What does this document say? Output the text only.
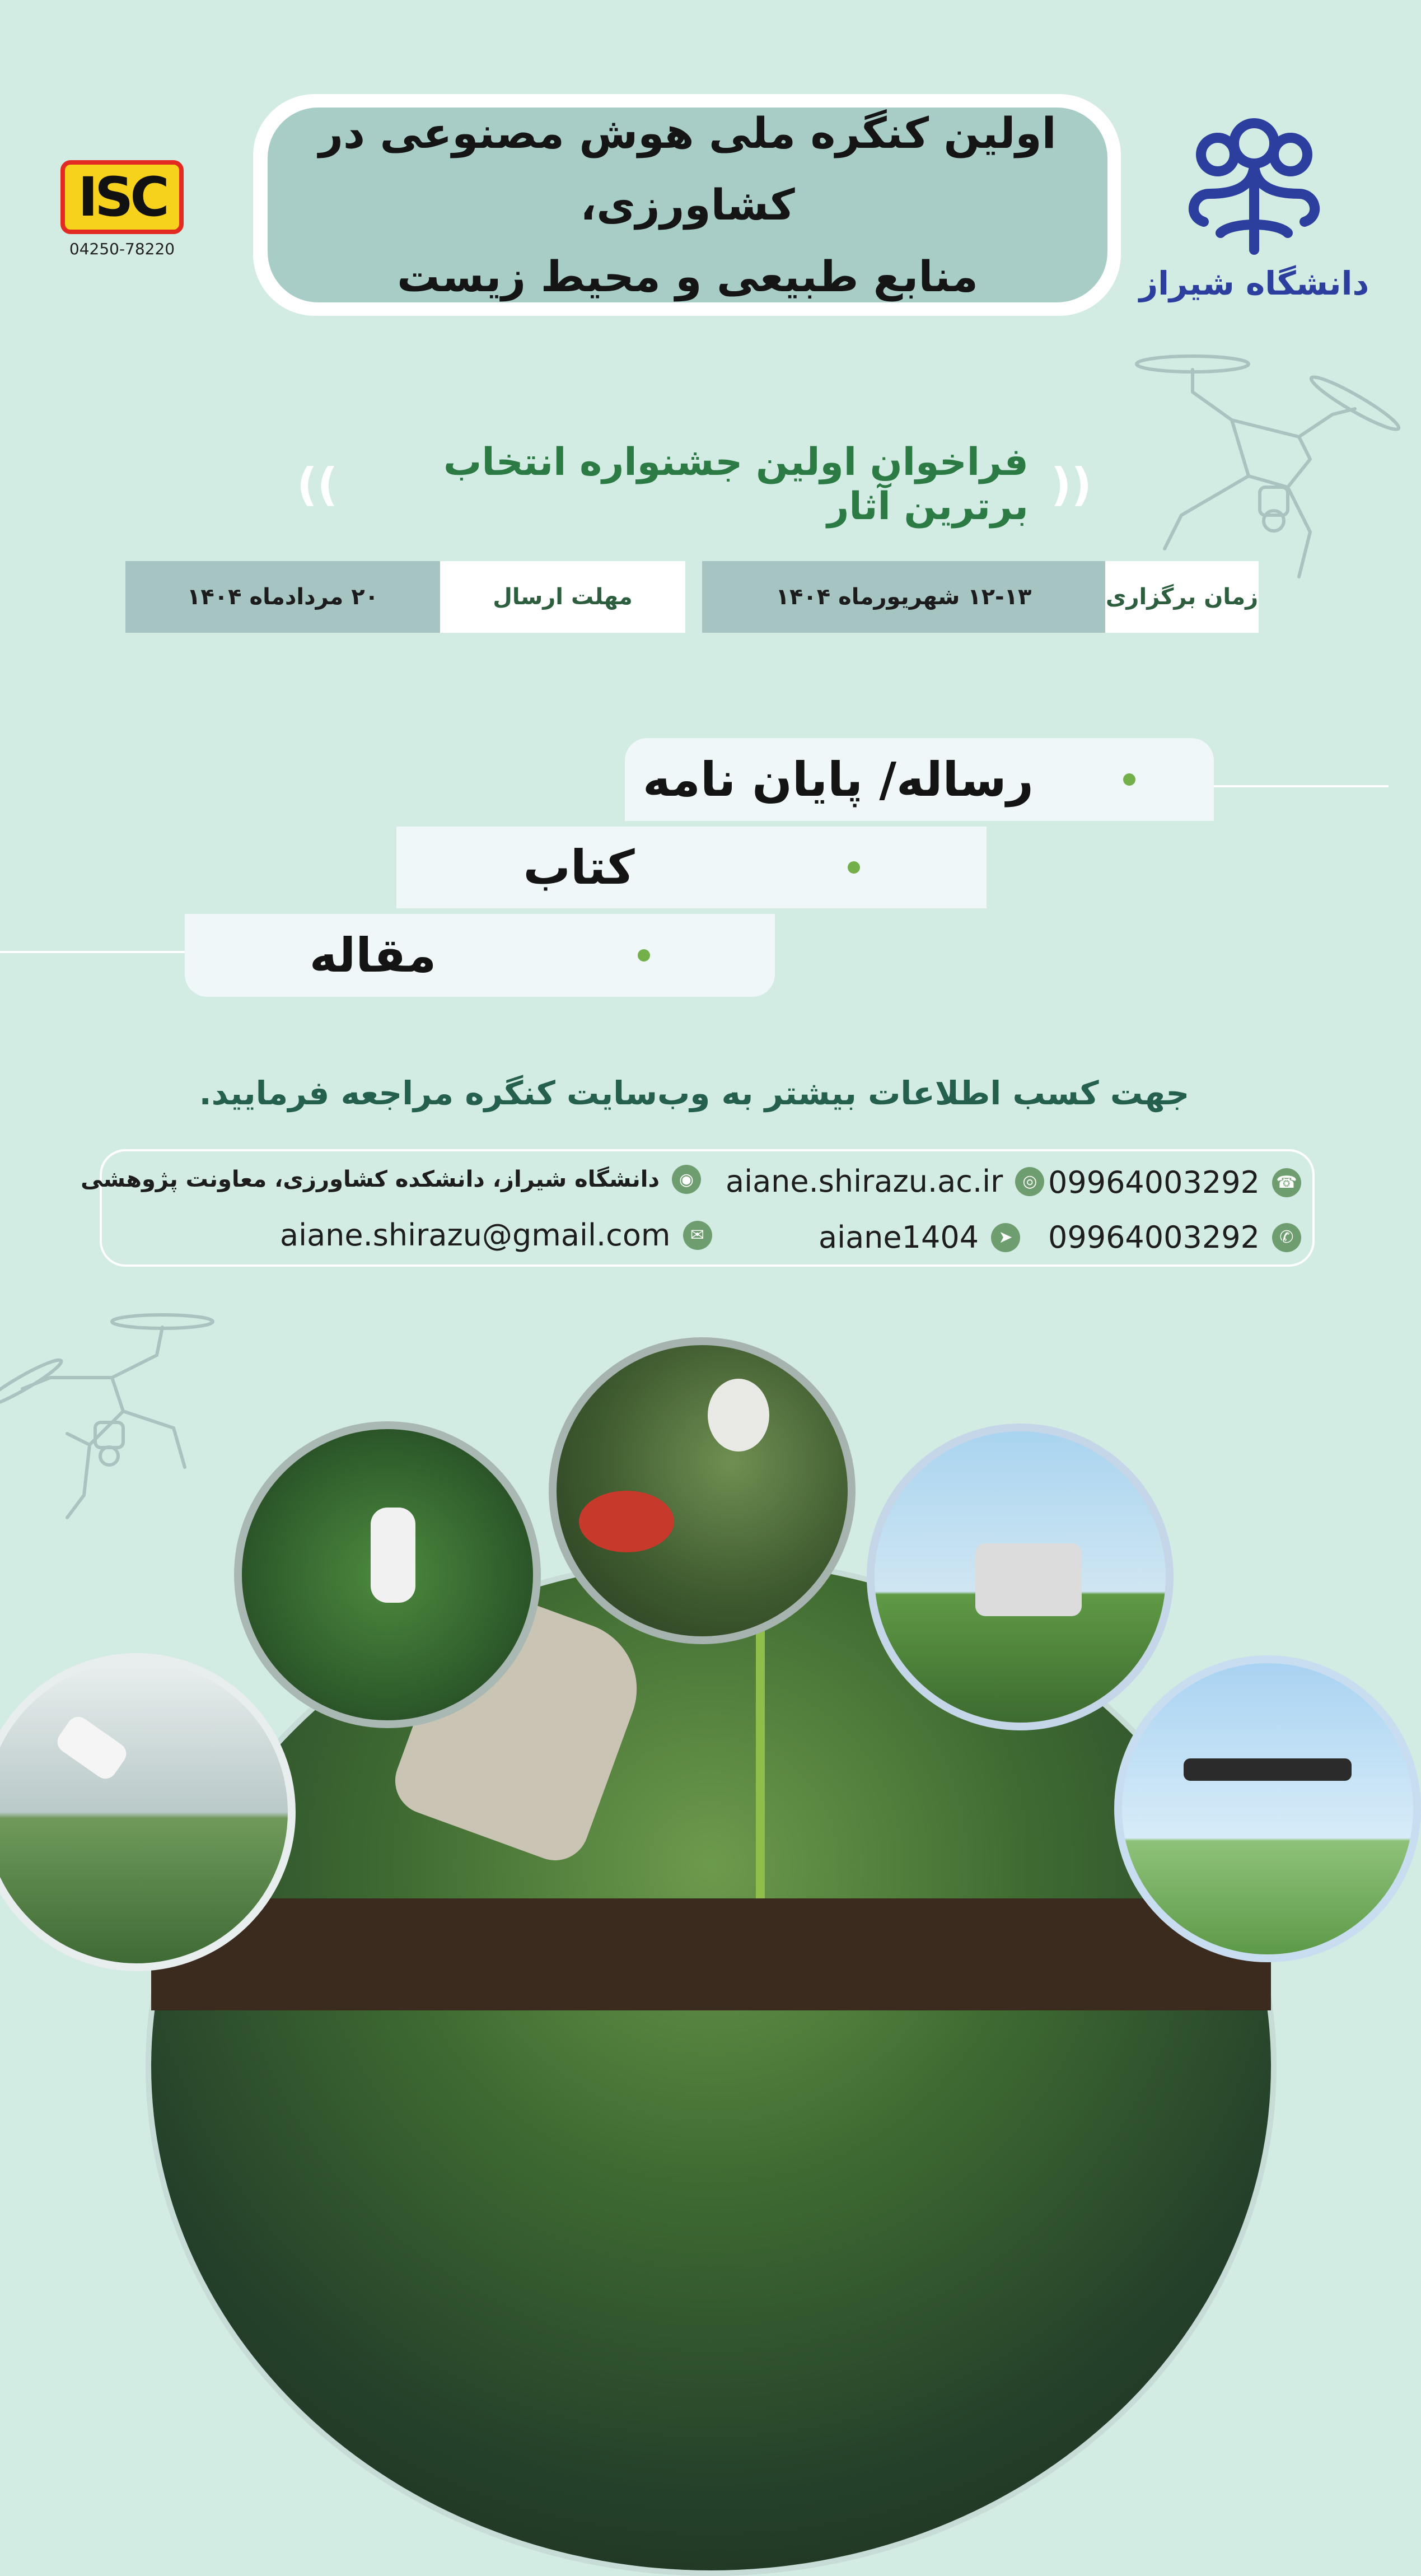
اولین کنگره ملی هوش مصنوعی در کشاورزی،
منابع طبیعی و محیط زیست
ISC
04250-78220
دانشگاه شیراز
((
فراخوان اولین جشنواره انتخاب برترین آثار
))
۱۲-۱۳ شهریورماه ۱۴۰۴	زمان برگزاری
۲۰ مردادماه ۱۴۰۴	مهلت ارسال
رساله/ پایان نامه
کتاب
مقاله
جهت کسب اطلاعات بیشتر به وب‌سایت کنگره مراجعه فرمایید.
09964003292 ☎
09964003292	✆
aiane.shirazu.ac.ir	◎
aiane1404	➤
◉
دانشگاه شیراز، دانشکده کشاورزی، معاونت پژوهشی
aiane.shirazu@gmail.com	✉
